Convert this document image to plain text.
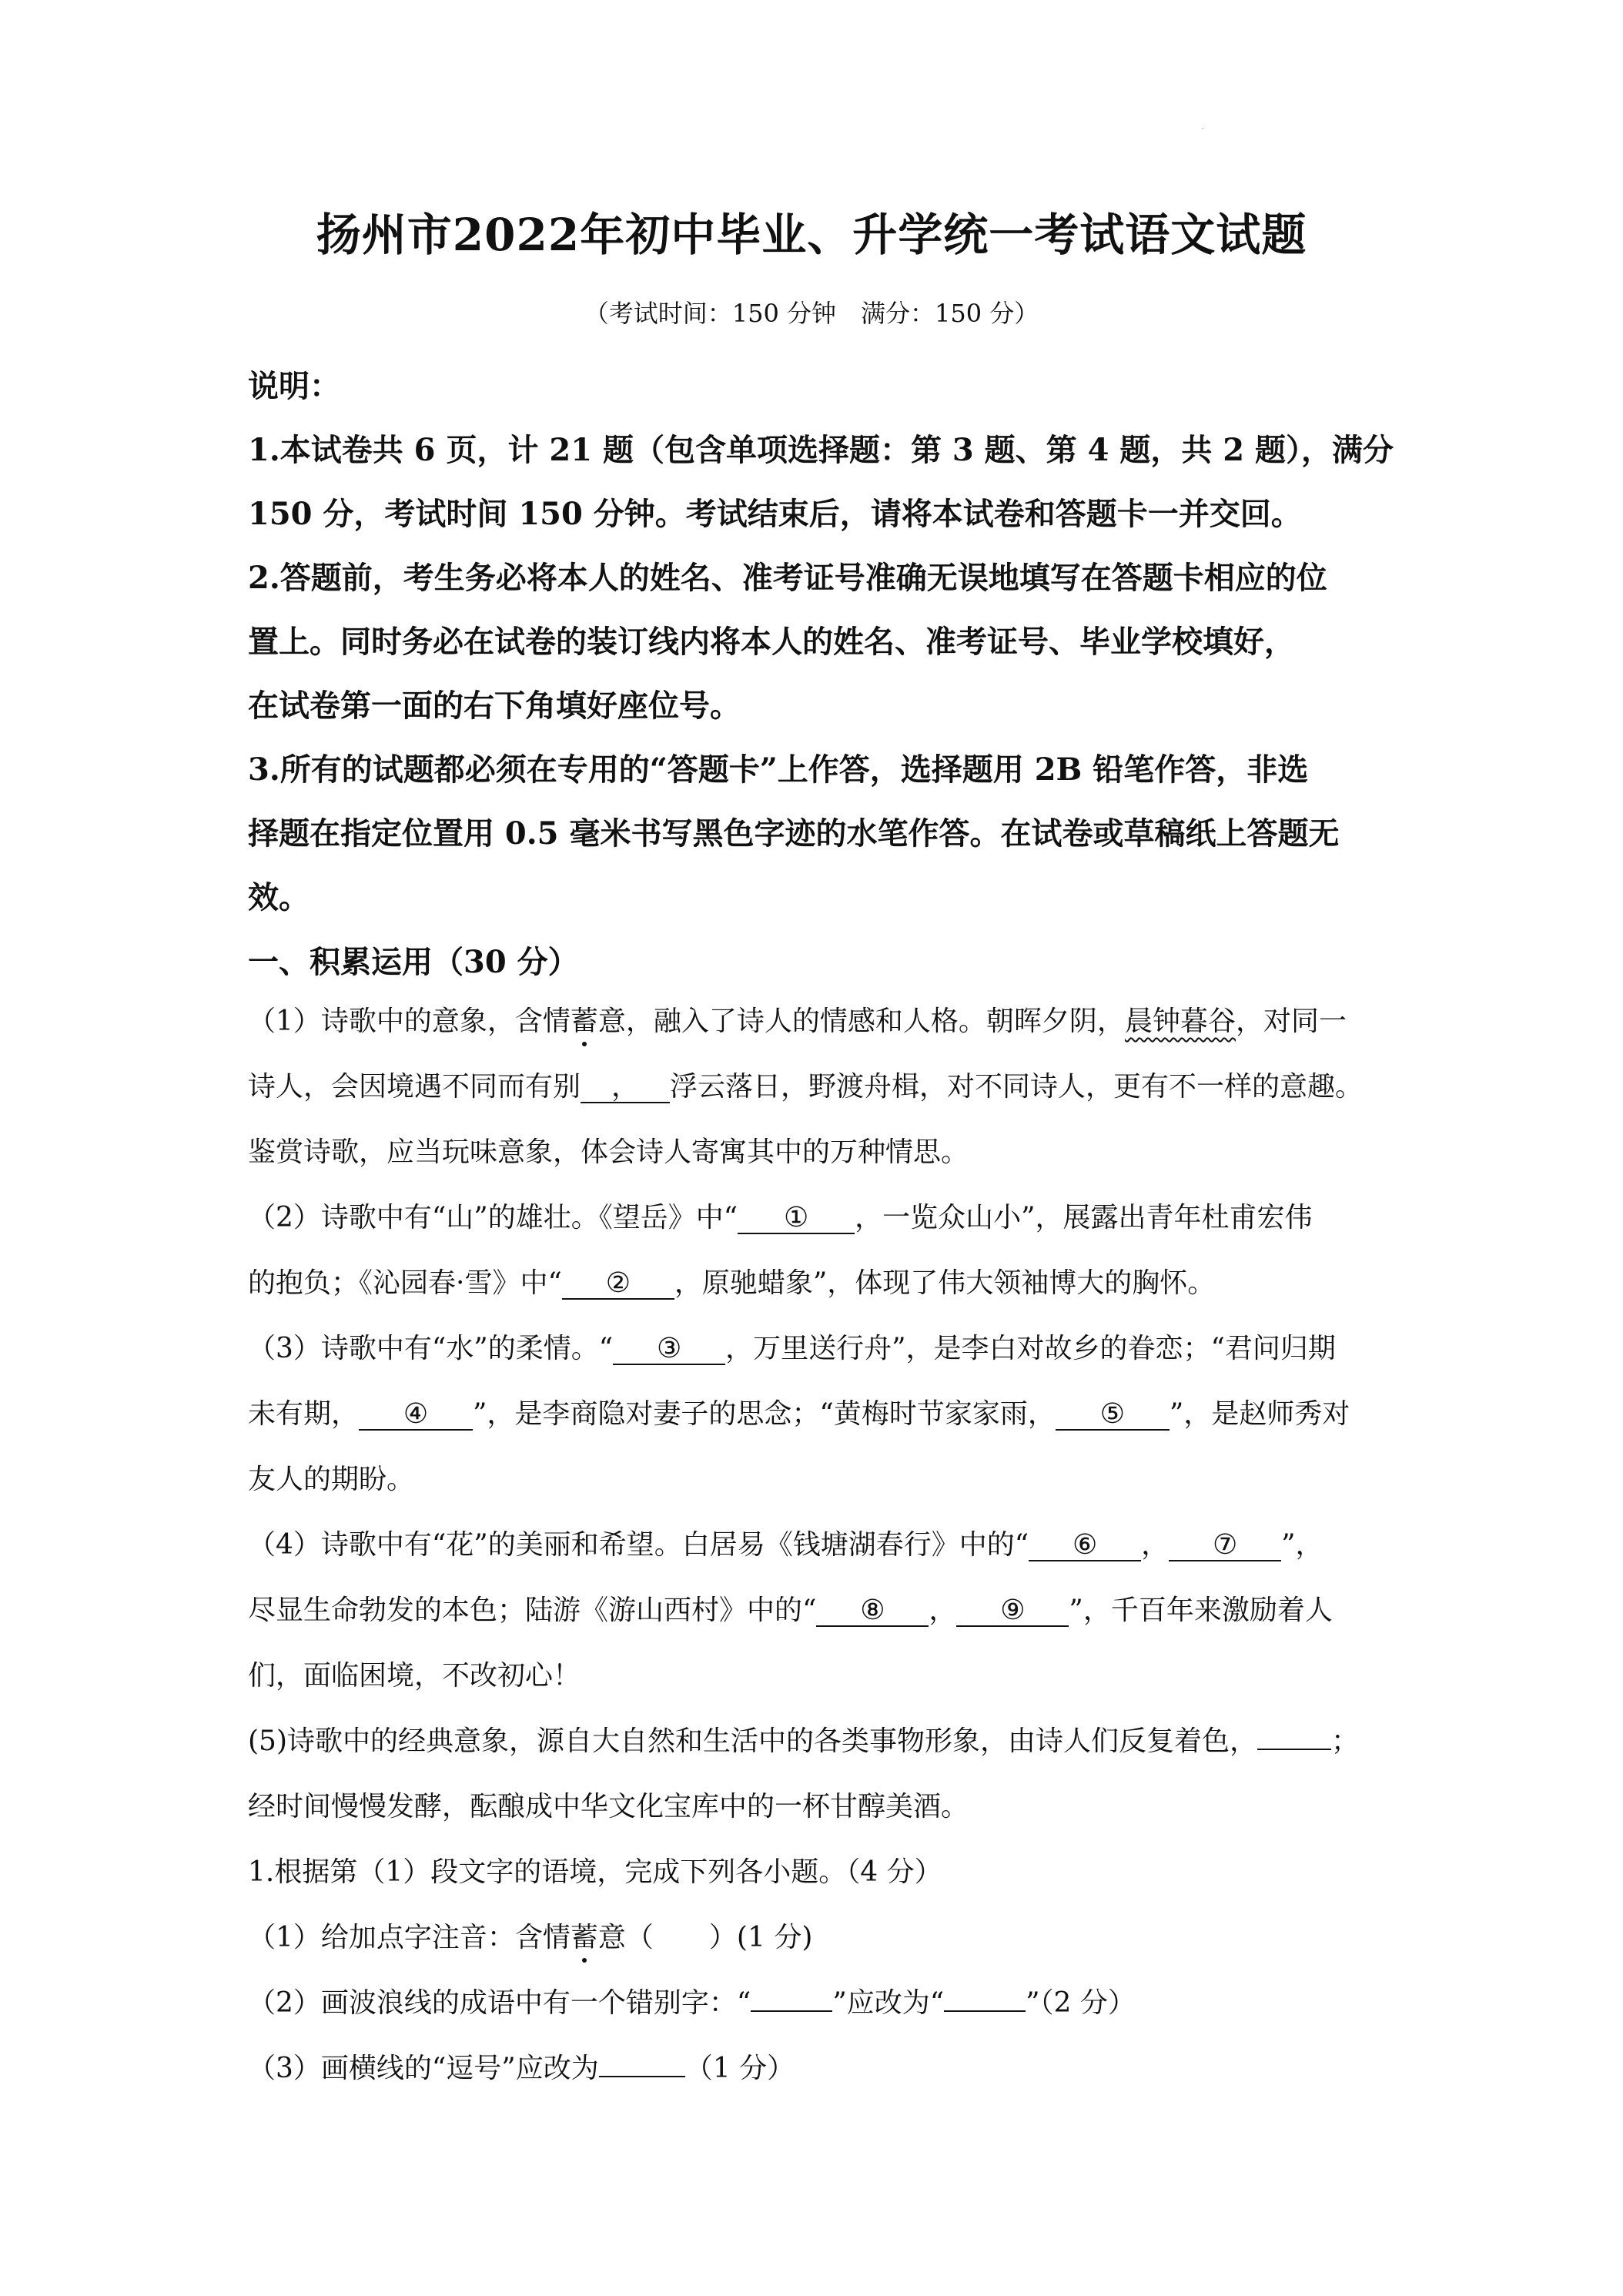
·
扬州市2022年初中毕业、升学统一考试语文试题
（考试时间：150 分钟　满分：150 分）
说明：
1.本试卷共 6 页，计 21 题（包含单项选择题：第 3 题、第 4 题，共 2 题），满分
150 分，考试时间 150 分钟。考试结束后，请将本试卷和答题卡一并交回。
2.答题前，考生务必将本人的姓名、准考证号准确无误地填写在答题卡相应的位
置上。同时务必在试卷的装订线内将本人的姓名、准考证号、毕业学校填好，
在试卷第一面的右下角填好座位号。
3.所有的试题都必须在专用的“答题卡”上作答，选择题用 2B 铅笔作答，非选
择题在指定位置用 0.5 毫米书写黑色字迹的水笔作答。在试卷或草稿纸上答题无
效。
一、积累运用（30 分）
（1）诗歌中的意象，含情蓄意，融入了诗人的情感和人格。朝晖夕阴，晨钟暮谷，对同一
诗人，会因境遇不同而有别 ， 浮云落日，野渡舟楫，对不同诗人，更有不一样的意趣。
鉴赏诗歌，应当玩味意象，体会诗人寄寓其中的万种情思。
（2）诗歌中有“山”的雄壮。《望岳》中“ ① ，一览众山小”，展露出青年杜甫宏伟
的抱负；《沁园春·雪》中“ ② ，原驰蜡象”，体现了伟大领袖博大的胸怀。
（3）诗歌中有“水”的柔情。“ ③ ，万里送行舟”，是李白对故乡的眷恋；“君问归期
未有期， ④ ”，是李商隐对妻子的思念；“黄梅时节家家雨， ⑤ ”，是赵师秀对
友人的期盼。
（4）诗歌中有“花”的美丽和希望。白居易《钱塘湖春行》中的“ ⑥ ， ⑦ ”，
尽显生命勃发的本色；陆游《游山西村》中的“ ⑧ ， ⑨ ”，千百年来激励着人
们，面临困境，不改初心！
(5)诗歌中的经典意象，源自大自然和生活中的各类事物形象，由诗人们反复着色，	；
经时间慢慢发酵，酝酿成中华文化宝库中的一杯甘醇美酒。
1.根据第（1）段文字的语境，完成下列各小题。（4 分）
（1）给加点字注音：含情蓄意（　　）(1 分)
（2）画波浪线的成语中有一个错别字：“	”应改为“	”（2 分）
（3）画横线的“逗号”应改为	（1 分）
